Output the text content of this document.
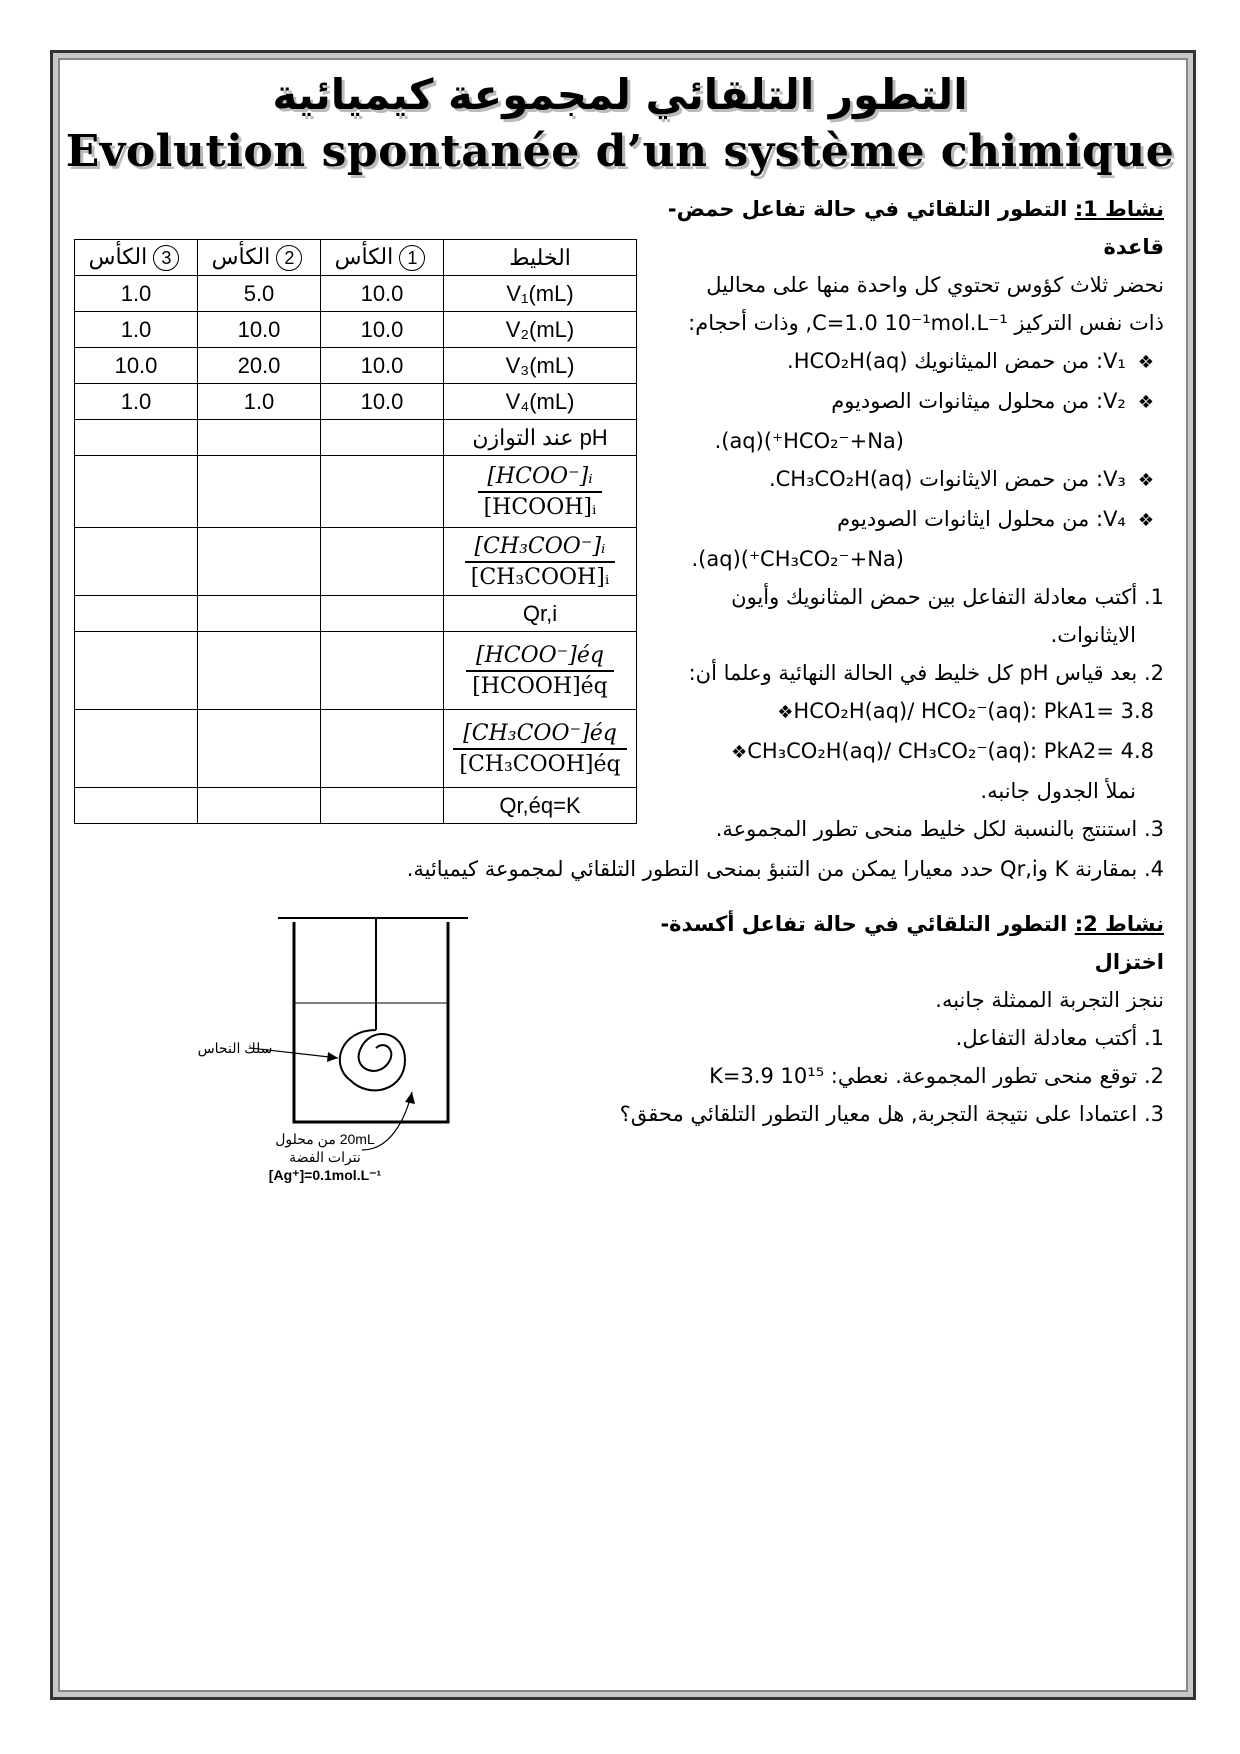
التطور التلقائي لمجموعة كيميائية
Evolution spontanée d’un système chimique
نشاط 1: التطور التلقائي في حالة تفاعل حمض-قاعدة
نحضر ثلاث كؤوس تحتوي كل واحدة منها على محاليل
ذات نفس التركيز C=1.0 10⁻¹mol.L⁻¹, وذات أحجام:
❖ V₁: من حمض الميثانويك HCO₂H(aq).
❖ V₂: من محلول ميثانوات الصوديوم
(HCO₂⁻+Na⁺)(aq).
❖ V₃: من حمض الايثانوات CH₃CO₂H(aq).
❖ V₄: من محلول ايثانوات الصوديوم
(CH₃CO₂⁻+Na⁺)(aq).
1. أكتب معادلة التفاعل بين حمض المثانويك وأيون
الايثانوات.
2. بعد قياس pH كل خليط في الحالة النهائية وعلما أن:
❖ HCO₂H(aq)/ HCO₂⁻(aq): PkA1= 3.8
❖ CH₃CO₂H(aq)/ CH₃CO₂⁻(aq): PkA2= 4.8
نملأ الجدول جانبه.
3. استنتج بالنسبة لكل خليط منحى تطور المجموعة.
4. بمقارنة K وQr,i حدد معيارا يمكن من التنبؤ بمنحى التطور التلقائي لمجموعة كيميائية.
الكأس 3	الكأس 2	الكأس 1	الخليط
1.0	5.0	10.0	V₁(mL)
1.0	10.0	10.0	V₂(mL)
10.0	20.0	10.0	V₃(mL)
1.0	1.0	10.0	V₄(mL)
			pH عند التوازن

			$\frac{\text{[HCOO⁻]ᵢ}}{\text{[HCOOH]ᵢ}}$

			$\frac{\text{[CH₃COO⁻]ᵢ}}{\text{[CH₃COOH]ᵢ}}$

			Qr,i

			$\frac{\text{[HCOO⁻]éq}}{\text{[HCOOH]éq}}$

			$\frac{\text{[CH₃COO⁻]éq}}{\text{[CH₃COOH]éq}}$

			Qr,éq=K
نشاط 2: التطور التلقائي في حالة تفاعل أكسدة-اختزال
ننجز التجربة الممثلة جانبه.
1. أكتب معادلة التفاعل.
2. توقع منحى تطور المجموعة. نعطي: K=3.9 10¹⁵
3. اعتمادا على نتيجة التجربة, هل معيار التطور التلقائي محقق؟
سلك النحاس
20mL من محلول
نترات الفضة
[Ag⁺]=0.1mol.L⁻¹
